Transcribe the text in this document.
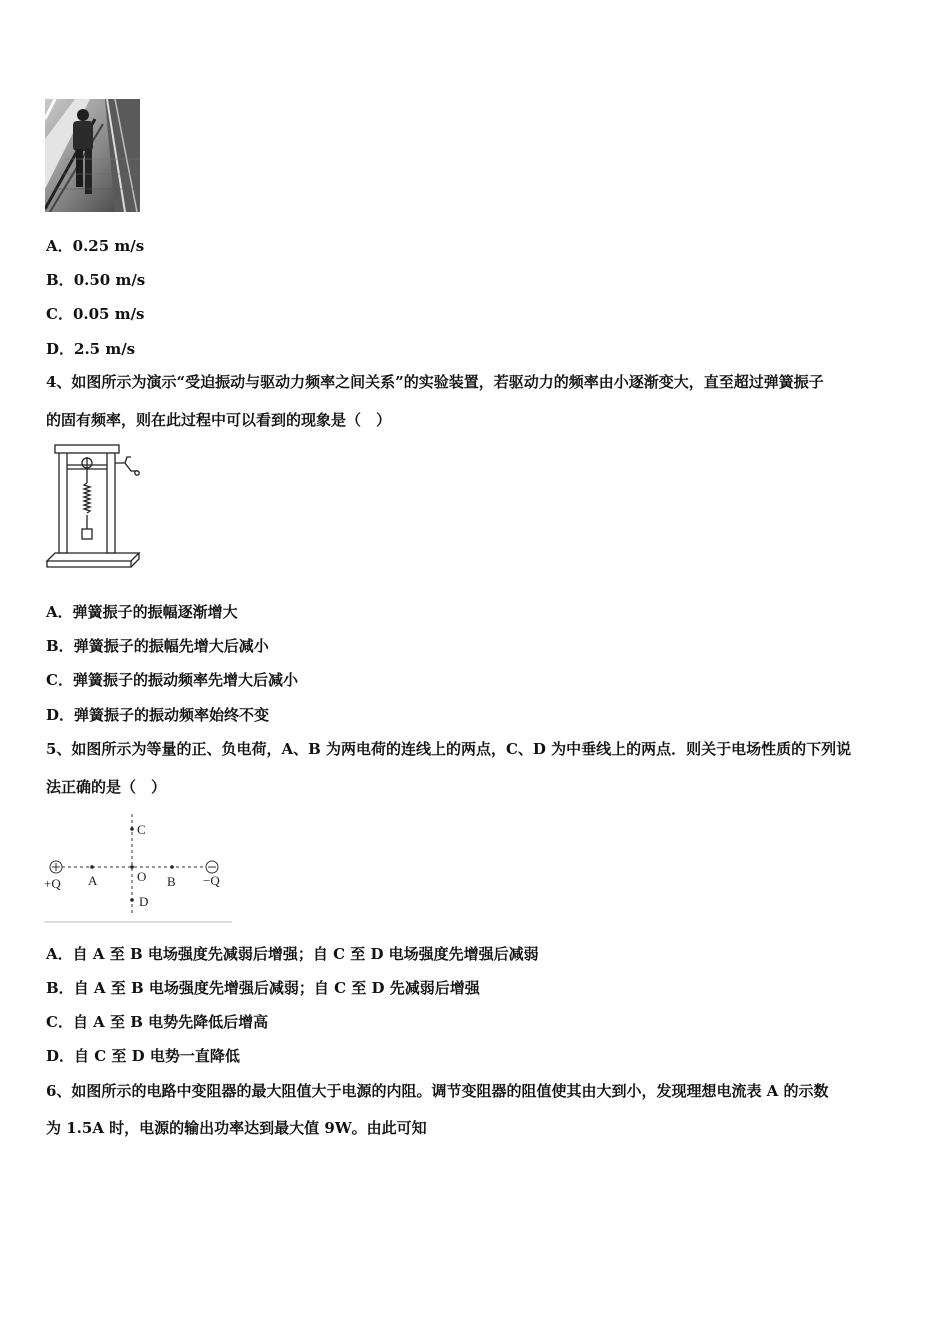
A．0.25 m/s
B．0.50 m/s
C．0.05 m/s
D．2.5 m/s
4、如图所示为演示“受迫振动与驱动力频率之间关系”的实验装置，若驱动力的频率由小逐渐变大，直至超过弹簧振子
的固有频率，则在此过程中可以看到的现象是（　）
A．弹簧振子的振幅逐渐增大
B．弹簧振子的振幅先增大后减小
C．弹簧振子的振动频率先增大后减小
D．弹簧振子的振动频率始终不变
5、如图所示为等量的正、负电荷，A、B 为两电荷的连线上的两点，C、D 为中垂线上的两点．则关于电场性质的下列说
法正确的是（　）
+Q	−Q
A	O B
C
D
A．自 A 至 B 电场强度先减弱后增强；自 C 至 D 电场强度先增强后减弱
B．自 A 至 B 电场强度先增强后减弱；自 C 至 D 先减弱后增强
C．自 A 至 B 电势先降低后增高
D．自 C 至 D 电势一直降低
6、如图所示的电路中变阻器的最大阻值大于电源的内阻。调节变阻器的阻值使其由大到小，发现理想电流表 A 的示数
为 1.5A 时，电源的输出功率达到最大值 9W。由此可知
